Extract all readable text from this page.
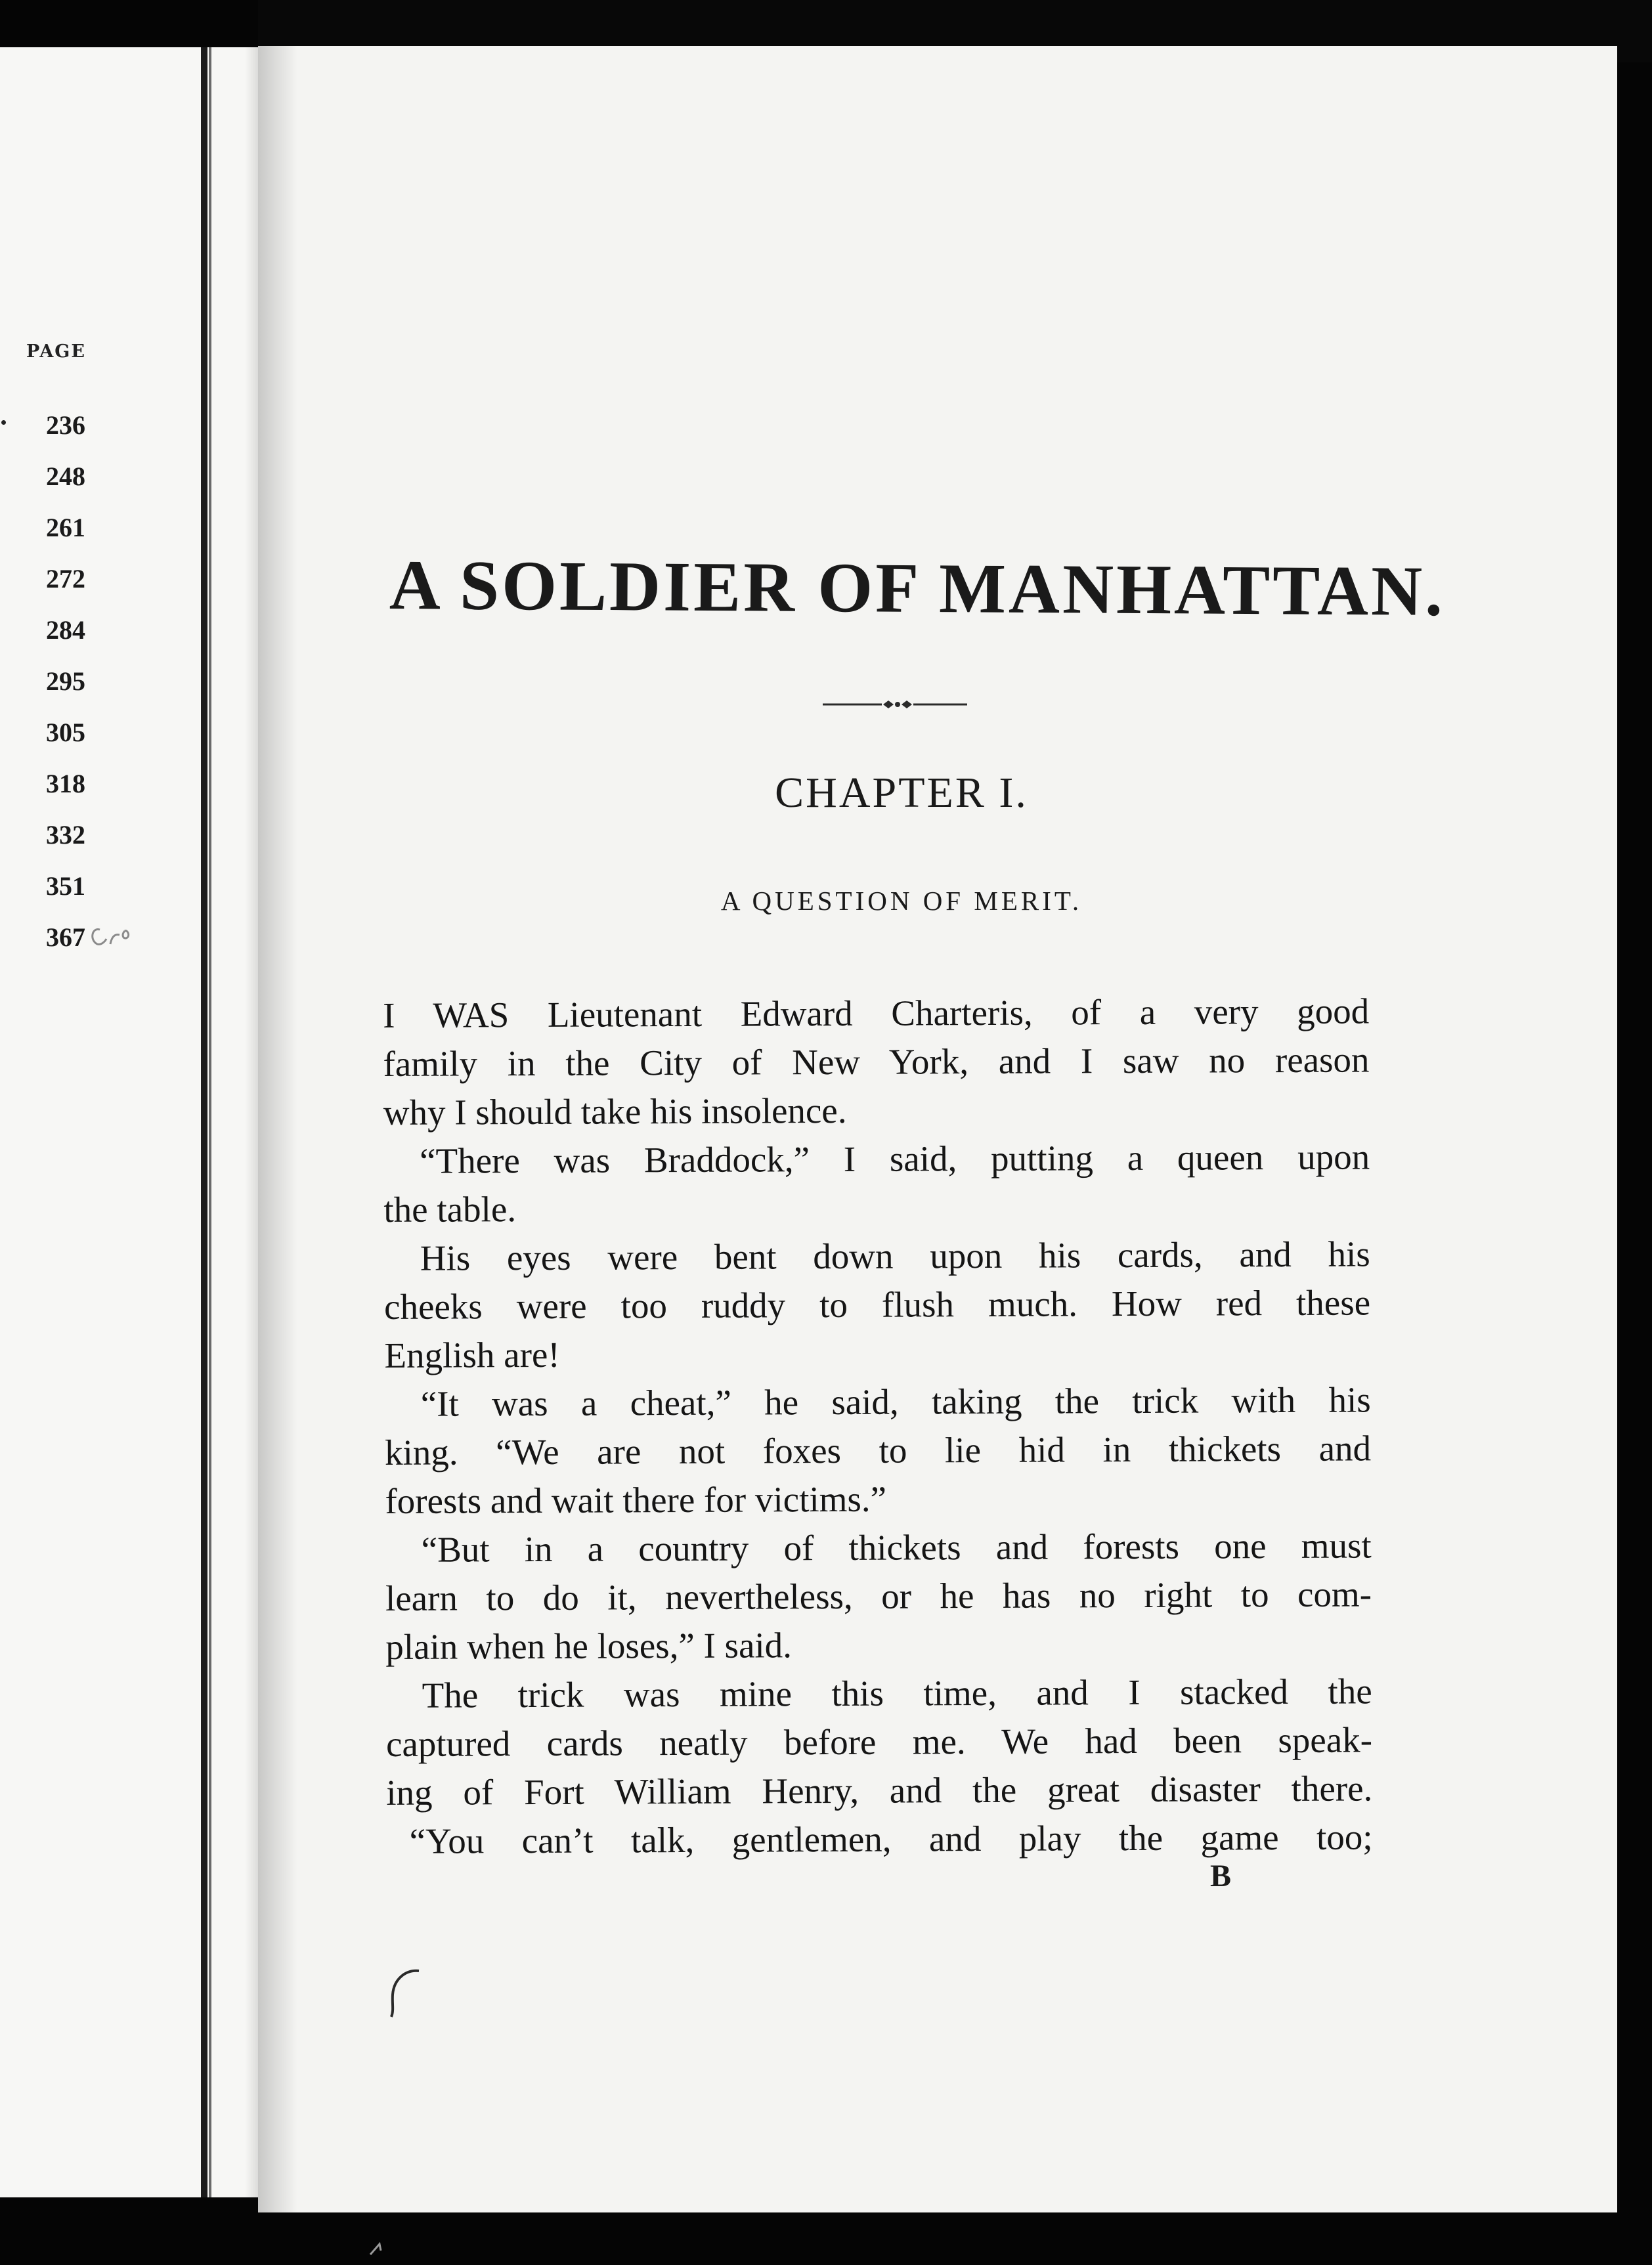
PAGE
236
248
261
272
284
295
305
318
332
351
367
A SOLDIER OF MANHATTAN.
CHAPTER I.
A QUESTION OF MERIT.
I WAS Lieutenant Edward Charteris, of a very good
family in the City of New York, and I saw no reason
why I should take his insolence.
“There was Braddock,” I said, putting a queen upon
the table.
His eyes were bent down upon his cards, and his
cheeks were too ruddy to flush much. How red these
English are!
“It was a cheat,” he said, taking the trick with his
king. “We are not foxes to lie hid in thickets and
forests and wait there for victims.”
“But in a country of thickets and forests one must
learn to do it, nevertheless, or he has no right to com-
plain when he loses,” I said.
The trick was mine this time, and I stacked the
captured cards neatly before me. We had been speak-
ing of Fort William Henry, and the great disaster there.
“You can’t talk, gentlemen, and play the game too;
B
